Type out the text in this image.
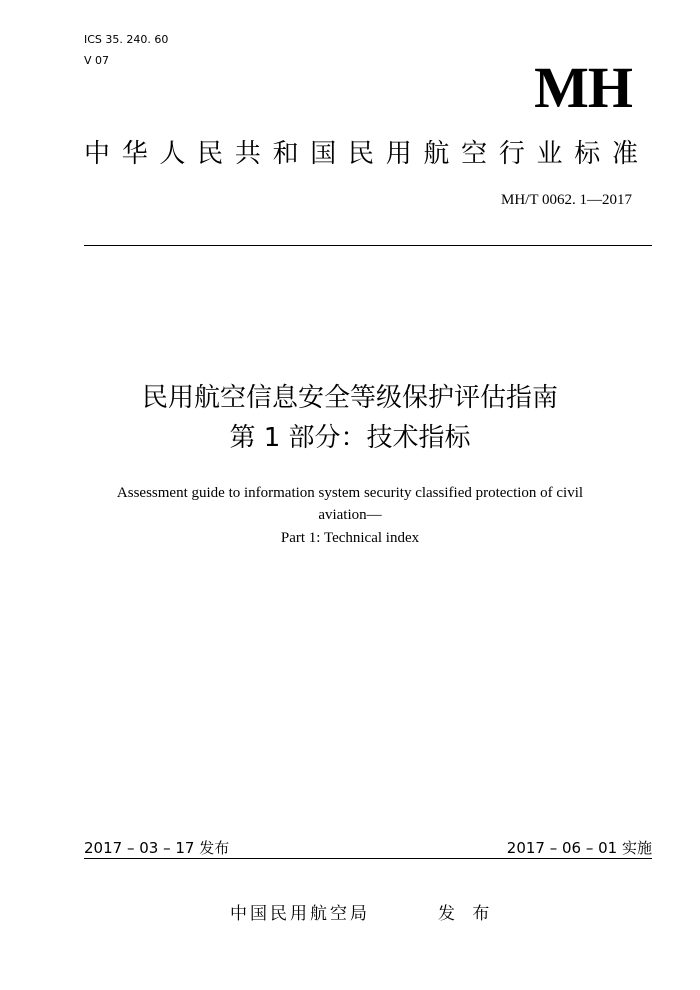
ICS 35. 240. 60
V 07	MH
中华人民共和国民用航空行业标准
MH/T 0062. 1—2017
民用航空信息安全等级保护评估指南
第 1 部分：技术指标
Assessment guide to information system security classified protection of civil
aviation—
Part 1: Technical index
2017 – 03 – 17 发布	2017 – 06 – 01 实施
中国民用航空局	发 布
